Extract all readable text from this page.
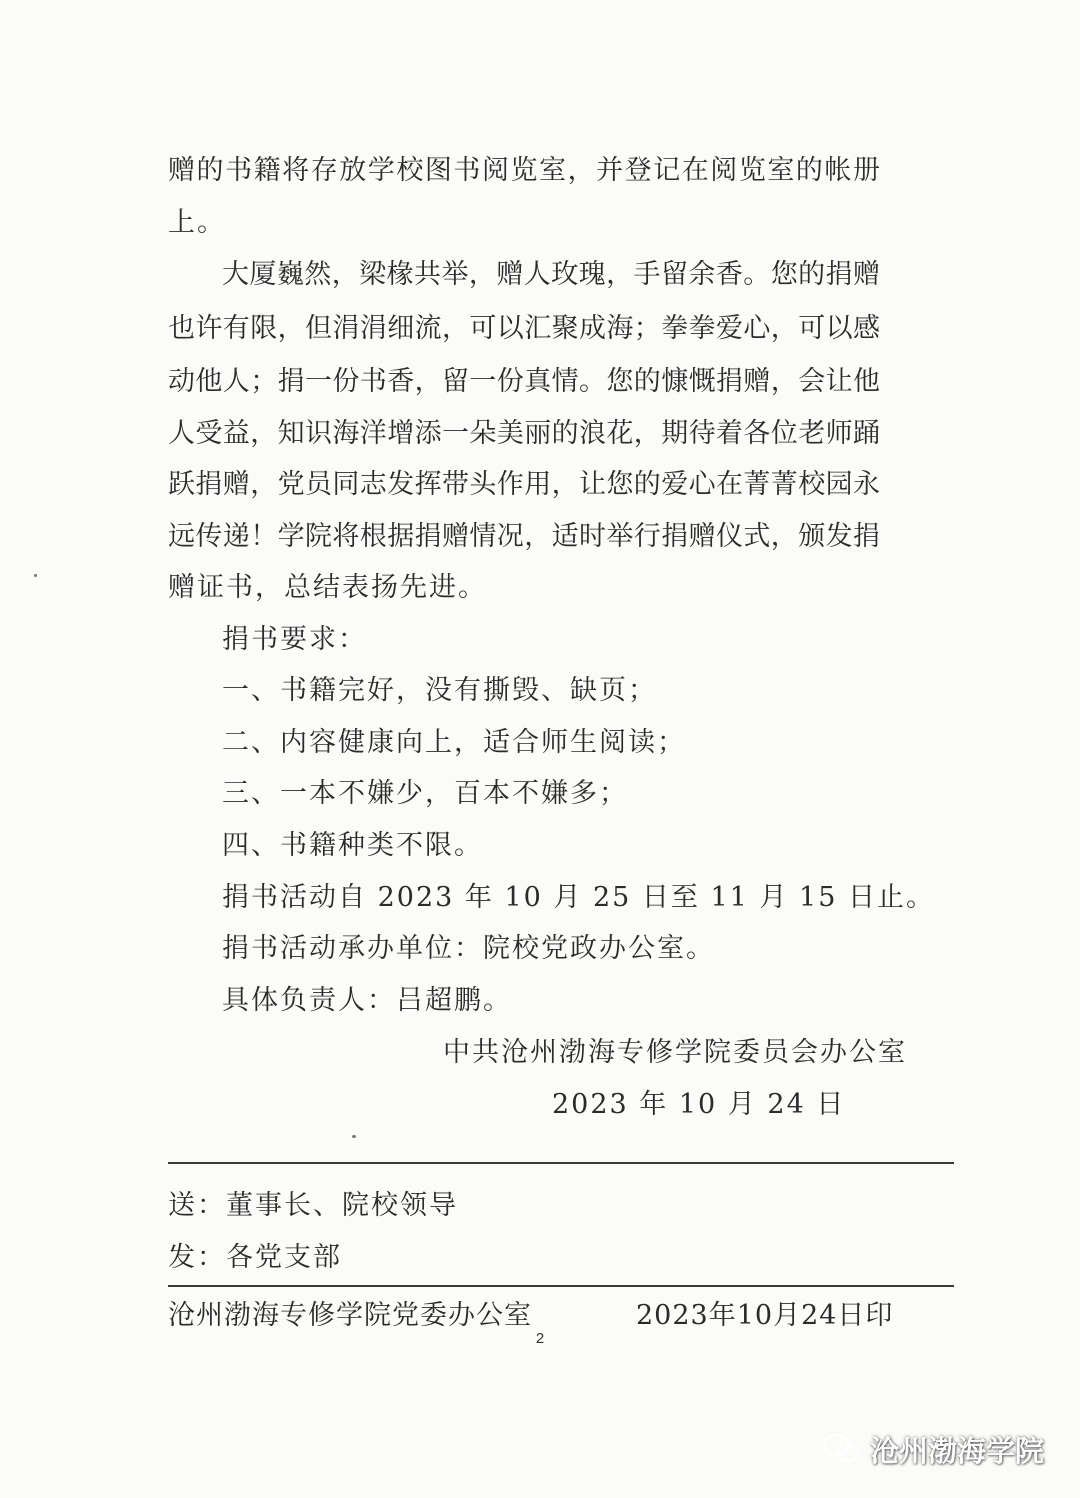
赠的书籍将存放学校图书阅览室，并登记在阅览室的帐册
上。
大厦巍然，梁椽共举，赠人玫瑰，手留余香。您的捐赠
也许有限，但涓涓细流，可以汇聚成海；拳拳爱心，可以感
动他人；捐一份书香，留一份真情。您的慷慨捐赠，会让他
人受益，知识海洋增添一朵美丽的浪花，期待着各位老师踊
跃捐赠，党员同志发挥带头作用，让您的爱心在菁菁校园永
远传递！学院将根据捐赠情况，适时举行捐赠仪式，颁发捐
赠证书，总结表扬先进。
捐书要求：
一、书籍完好，没有撕毁、缺页；
二、内容健康向上，适合师生阅读；
三、一本不嫌少，百本不嫌多；
四、书籍种类不限。
捐书活动自 2023 年 10 月 25 日至 11 月 15 日止。
捐书活动承办单位：院校党政办公室。
具体负责人：吕超鹏。
中共沧州渤海专修学院委员会办公室
2023 年 10 月 24 日
送：董事长、院校领导
发：各党支部
沧州渤海专修学院党委办公室	2023年10月24日印
2
沧州渤海学院
